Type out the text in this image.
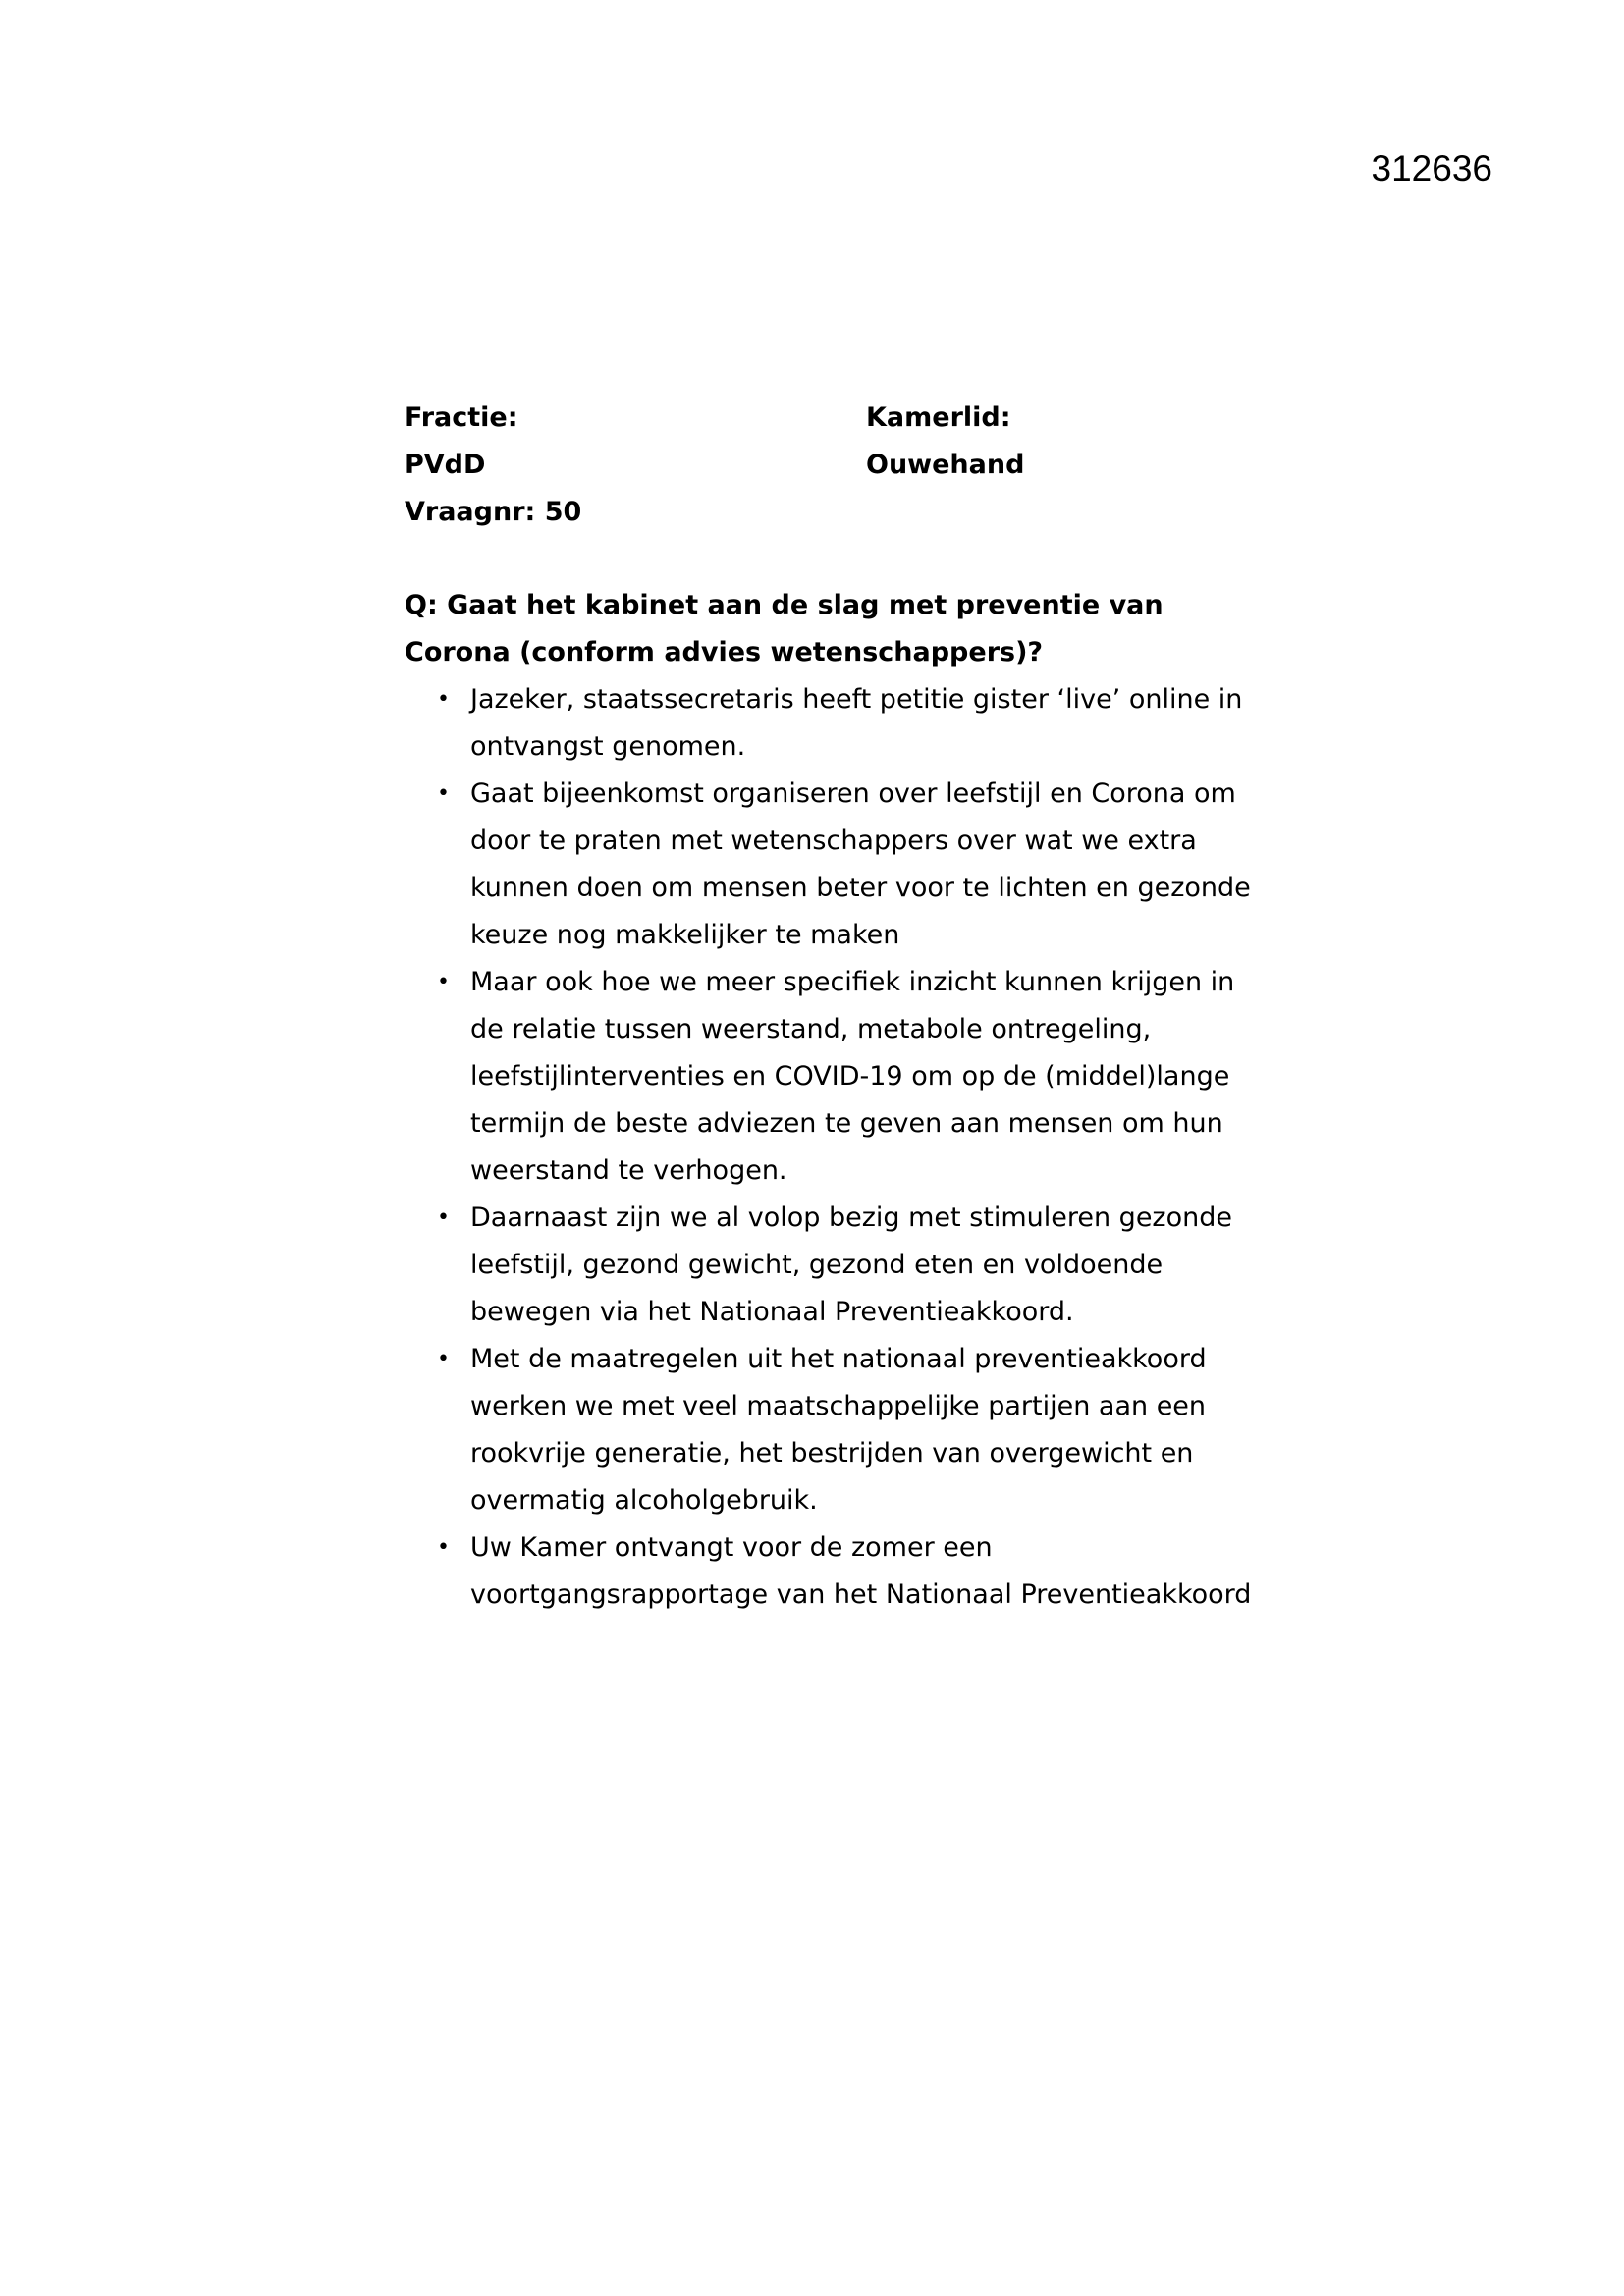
312636
Fractie:	Kamerlid:
PVdD	Ouwehand
Vraagnr: 50
Q: Gaat het kabinet aan de slag met preventie van
Corona (conform advies wetenschappers)?
• Jazeker, staatssecretaris heeft petitie gister ‘live’ online in
ontvangst genomen.
• Gaat bijeenkomst organiseren over leefstijl en Corona om
door te praten met wetenschappers over wat we extra
kunnen doen om mensen beter voor te lichten en gezonde
keuze nog makkelijker te maken
• Maar ook hoe we meer specifiek inzicht kunnen krijgen in
de relatie tussen weerstand, metabole ontregeling,
leefstijlinterventies en COVID-19 om op de (middel)lange
termijn de beste adviezen te geven aan mensen om hun
weerstand te verhogen.
• Daarnaast zijn we al volop bezig met stimuleren gezonde
leefstijl, gezond gewicht, gezond eten en voldoende
bewegen via het Nationaal Preventieakkoord.
• Met de maatregelen uit het nationaal preventieakkoord
werken we met veel maatschappelijke partijen aan een
rookvrije generatie, het bestrijden van overgewicht en
overmatig alcoholgebruik.
• Uw Kamer ontvangt voor de zomer een
voortgangsrapportage van het Nationaal Preventieakkoord
